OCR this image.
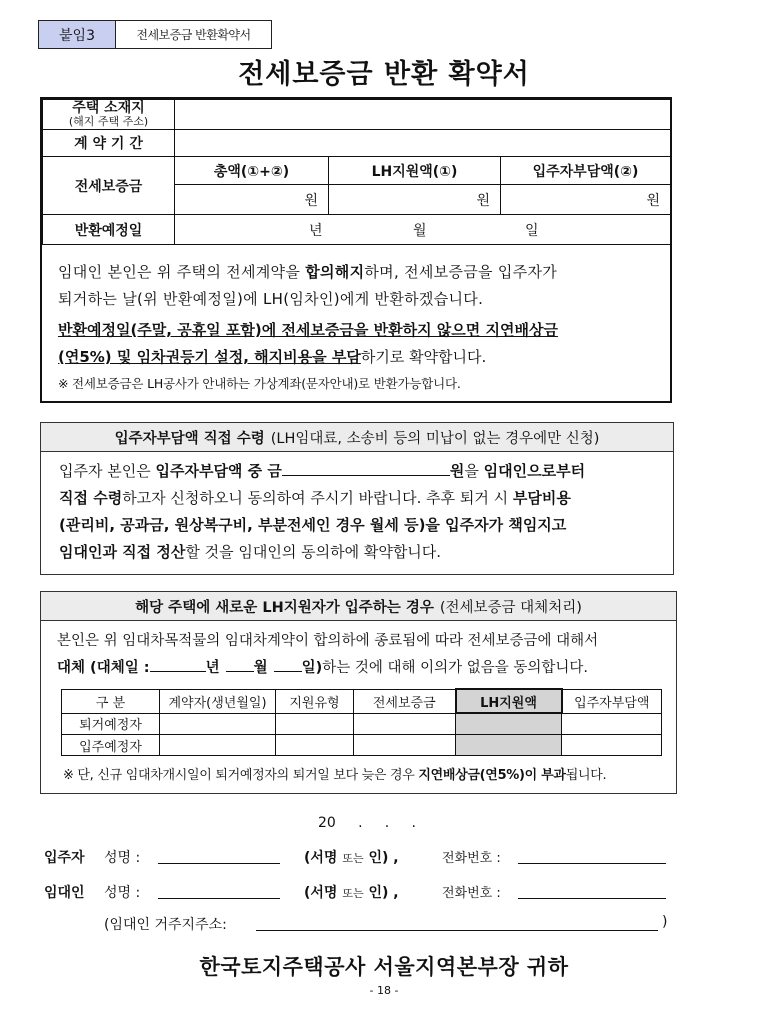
붙임3	전세보증금 반환확약서
전세보증금 반환 확약서
주택 소재지
(해지 주택 주소)			

계 약 기 간			
전세보증금	총액(①+②)	LH지원액(①)	입주자부담액(②)
	원	원	원
반환예정일	년 월 일		
임대인 본인은 위 주택의 전세계약을 합의해지하며, 전세보증금을 입주자가
퇴거하는 날(위 반환예정일)에 LH(임차인)에게 반환하겠습니다.
반환예정일(주말, 공휴일 포함)에 전세보증금을 반환하지 않으면 지연배상금
(연5%) 및 임차권등기 설정, 해지비용을 부담하기로 확약합니다.
※ 전세보증금은 LH공사가 안내하는 가상계좌(문자안내)로 반환가능합니다.
입주자부담액 직접 수령 (LH임대료, 소송비 등의 미납이 없는 경우에만 신청)
입주자 본인은 입주자부담액 중 금	원을 임대인으로부터
직접 수령하고자 신청하오니 동의하여 주시기 바랍니다. 추후 퇴거 시 부담비용
(관리비, 공과금, 원상복구비, 부분전세인 경우 월세 등)을 입주자가 책임지고
임대인과 직접 정산할 것을 임대인의 동의하에 확약합니다.
해당 주택에 새로운 LH지원자가 입주하는 경우 (전세보증금 대체처리)
본인은 위 임대차목적물의 임대차계약이 합의하에 종료됨에 따라 전세보증금에 대해서
대체 (대체일 :	년 월 일)하는 것에 대해 이의가 없음을 동의합니다.
구 분	계약자(생년월일)	지원유형	전세보증금	LH지원액	입주자부담액
퇴거예정자					
입주예정자					
※ 단, 신규 임대차개시일이 퇴거예정자의 퇴거일 보다 늦은 경우 지연배상금(연5%)이 부과됩니다.
20     .     .     .
입주자 성명 :	(서명 또는 인) ,	전화번호 :
임대인 성명 :	(서명 또는 인) ,	전화번호 :
(임대인 거주지주소:	)
한국토지주택공사 서울지역본부장 귀하
- 18 -
